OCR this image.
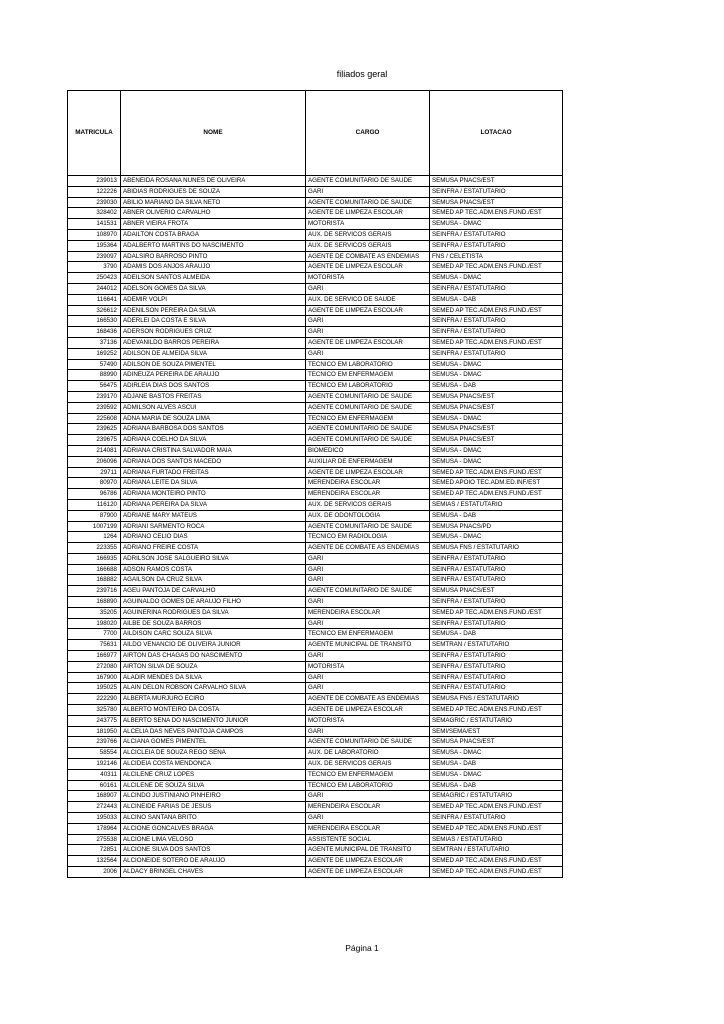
filiados geral
MATRICULA	NOME	CARGO	LOTACAO
239013	ABENEIDA ROSANA NUNES DE OLIVEIRA	AGENTE COMUNITARIO DE SAUDE	SEMUSA PNACS/EST
122226	ABIDIAS RODRIGUES DE SOUZA	GARI	SEINFRA / ESTATUTARIO
239030	ABILIO MARIANO DA SILVA NETO	AGENTE COMUNITARIO DE SAUDE	SEMUSA PNACS/EST
328402	ABNER OLIVERIO CARVALHO	AGENTE DE LIMPEZA ESCOLAR	SEMED AP TEC.ADM.ENS.FUND./EST
141531	ABNER VIEIRA FROTA	MOTORISTA	SEMUSA - DMAC
108970	ADAILTON COSTA BRAGA	AUX. DE SERVICOS GERAIS	SEINFRA / ESTATUTARIO
195364	ADALBERTO MARTINS DO NASCIMENTO	AUX. DE SERVICOS GERAIS	SEINFRA / ESTATUTARIO
239097	ADALSIRO BARROSO PINTO	AGENTE DE COMBATE AS ENDEMIAS	FNS / CELETISTA
3790	ADAMIS DOS ANJOS ARAUJO	AGENTE DE LIMPEZA ESCOLAR	SEMED AP TEC.ADM.ENS.FUND./EST
250423	ADEILSON SANTOS ALMEIDA	MOTORISTA	SEMUSA - DMAC
244012	ADELSON GOMES DA SILVA	GARI	SEINFRA / ESTATUTARIO
116641	ADEMIR VOLPI	AUX. DE SERVICO DE SAUDE	SEMUSA - DAB
326612	ADENILSON PEREIRA DA SILVA	AGENTE DE LIMPEZA ESCOLAR	SEMED AP TEC.ADM.ENS.FUND./EST
166530	ADERLEI DA COSTA E SILVA	GARI	SEINFRA / ESTATUTARIO
168436	ADERSON RODRIGUES CRUZ	GARI	SEINFRA / ESTATUTARIO
37136	ADEVANILDO BARROS PEREIRA	AGENTE DE LIMPEZA ESCOLAR	SEMED AP TEC.ADM.ENS.FUND./EST
169252	ADILSON DE ALMEIDA SILVA	GARI	SEINFRA / ESTATUTARIO
57490	ADILSON DE SOUZA PIMENTEL	TECNICO EM LABORATORIO	SEMUSA - DMAC
88990	ADINEUZA PEREIRA DE ARAUJO	TECNICO EM ENFERMAGEM	SEMUSA - DMAC
56475	ADIRLEIA DIAS DOS SANTOS	TECNICO EM LABORATORIO	SEMUSA - DAB
239170	ADJANE BASTOS FREITAS	AGENTE COMUNITARIO DE SAUDE	SEMUSA PNACS/EST
239592	ADMILSON ALVES ASCUI	AGENTE COMUNITARIO DE SAUDE	SEMUSA PNACS/EST
225608	ADNA MARIA DE SOUZA LIMA	TECNICO EM ENFERMAGEM	SEMUSA - DMAC
239625	ADRIANA BARBOSA DOS SANTOS	AGENTE COMUNITARIO DE SAUDE	SEMUSA PNACS/EST
239675	ADRIANA COELHO DA SILVA	AGENTE COMUNITARIO DE SAUDE	SEMUSA PNACS/EST
214081	ADRIANA CRISTINA SALVADOR MAIA	BIOMEDICO	SEMUSA - DMAC
206096	ADRIANA DOS SANTOS MACEDO	AUXILIAR DE ENFERMAGEM	SEMUSA - DMAC
29711	ADRIANA FURTADO FREITAS	AGENTE DE LIMPEZA ESCOLAR	SEMED AP TEC.ADM.ENS.FUND./EST
80970	ADRIANA LEITE DA SILVA	MERENDEIRA ESCOLAR	SEMED APOIO TEC.ADM.ED.INF/EST
96786	ADRIANA MONTEIRO PINTO	MERENDEIRA ESCOLAR	SEMED AP TEC.ADM.ENS.FUND./EST
116120	ADRIANA PEREIRA DA SILVA	AUX. DE SERVICOS GERAIS	SEMIAS / ESTATUTARIO
87900	ADRIANE MARY MATEUS	AUX. DE ODONTOLOGIA	SEMUSA - DAB
1007199	ADRIANI SARMENTO ROCA	AGENTE COMUNITARIO DE SAUDE	SEMUSA PNACS/PD
1264	ADRIANO CELIO DIAS	TECNICO EM RADIOLOGIA	SEMUSA - DMAC
223355	ADRIANO FREIRE COSTA	AGENTE DE COMBATE AS ENDEMIAS	SEMUSA FNS / ESTATUTARIO
166935	ADRILSON JOSE SALGUEIRO SILVA	GARI	SEINFRA / ESTATUTARIO
166688	ADSON RAMOS COSTA	GARI	SEINFRA / ESTATUTARIO
168882	AGAILSON DA CRUZ SILVA	GARI	SEINFRA / ESTATUTARIO
239716	AGEU PANTOJA DE CARVALHO	AGENTE COMUNITARIO DE SAUDE	SEMUSA PNACS/EST
168890	AGUINALDO GOMES DE ARAUJO FILHO	GARI	SEINFRA / ESTATUTARIO
35205	AGUINERINA RODRIGUES DA SILVA	MERENDEIRA ESCOLAR	SEMED AP TEC.ADM.ENS.FUND./EST
198020	AILBE DE SOUZA BARROS	GARI	SEINFRA / ESTATUTARIO
7700	AILDISON CARC SOUZA SILVA	TECNICO EM ENFERMAGEM	SEMUSA - DAB
75631	AILDO VENANCIO DE OLIVEIRA JUNIOR	AGENTE MUNICIPAL DE TRANSITO	SEMTRAN / ESTATUTARIO
166977	AIRTON DAS CHAGAS DO NASCIMENTO	GARI	SEINFRA / ESTATUTARIO
272080	AIRTON SILVA DE SOUZA	MOTORISTA	SEINFRA / ESTATUTARIO
167900	ALADIR MENDES DA SILVA	GARI	SEINFRA / ESTATUTARIO
195025	ALAIN DELON ROBSON CARVALHO SILVA	GARI	SEINFRA / ESTATUTARIO
222290	ALBERTA MURJURO ECIRO	AGENTE DE COMBATE AS ENDEMIAS	SEMUSA FNS / ESTATUTARIO
325780	ALBERTO MONTEIRO DA COSTA	AGENTE DE LIMPEZA ESCOLAR	SEMED AP TEC.ADM.ENS.FUND./EST
243775	ALBERTO SENA DO NASCIMENTO JUNIOR	MOTORISTA	SEMAGRIC / ESTATUTARIO
181950	ALCELIA DAS NEVES PANTOJA CAMPOS	GARI	SEMI/SEMA/EST
239766	ALCIANA GOMES PIMENTEL	AGENTE COMUNITARIO DE SAUDE	SEMUSA PNACS/EST
58554	ALCICLEIA DE SOUZA REGO SENA	AUX. DE LABORATORIO	SEMUSA - DMAC
192146	ALCIDEIA COSTA MENDONCA	AUX. DE SERVICOS GERAIS	SEMUSA - DAB
40311	ALCILENE CRUZ LOPES	TECNICO EM ENFERMAGEM	SEMUSA - DMAC
60161	ALCILENE DE SOUZA SILVA	TECNICO EM LABORATORIO	SEMUSA - DAB
168907	ALCINDO JUSTINIANO PINHEIRO	GARI	SEMAGRIC / ESTATUTARIO
272443	ALCINEIDE FARIAS DE JESUS	MERENDEIRA ESCOLAR	SEMED AP TEC.ADM.ENS.FUND./EST
195033	ALCINO SANTANA BRITO	GARI	SEINFRA / ESTATUTARIO
178964	ALCIONE GONCALVES BRAGA	MERENDEIRA ESCOLAR	SEMED AP TEC.ADM.ENS.FUND./EST
275538	ALCIONE LIMA VELOSO	ASSISTENTE SOCIAL	SEMIAS / ESTATUTARIO
72851	ALCIONE SILVA DOS SANTOS	AGENTE MUNICIPAL DE TRANSITO	SEMTRAN / ESTATUTARIO
132564	ALCIONEIDE SOTERO DE ARAUJO	AGENTE DE LIMPEZA ESCOLAR	SEMED AP TEC.ADM.ENS.FUND./EST
2006	ALDACY BRINGEL CHAVES	AGENTE DE LIMPEZA ESCOLAR	SEMED AP TEC.ADM.ENS.FUND./EST
Página 1
